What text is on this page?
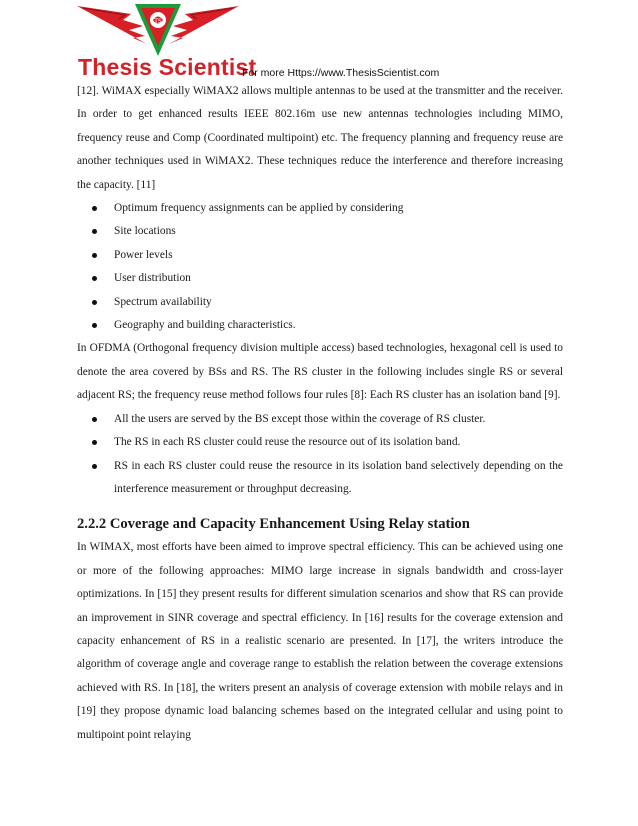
TS
Thesis Scientist
For more Https://www.ThesisScientist.com

[12]. WiMAX especially WiMAX2 allows multiple antennas to be used at the transmitter and the receiver. In order to get enhanced results IEEE 802.16m use new antennas technologies including MIMO, frequency reuse and Comp (Coordinated multipoint) etc. The frequency planning and frequency reuse are another techniques used in WiMAX2. These techniques reduce the interference and therefore increasing the capacity. [11]

Optimum frequency assignments can be applied by considering
Site locations
Power levels
User distribution
Spectrum availability
Geography and building characteristics.

In OFDMA (Orthogonal frequency division multiple access) based technologies, hexagonal cell is used to denote the area covered by BSs and RS. The RS cluster in the following includes single RS or several adjacent RS; the frequency reuse method follows four rules [8]: Each RS cluster has an isolation band [9].

All the users are served by the BS except those within the coverage of RS cluster.
The RS in each RS cluster could reuse the resource out of its isolation band.
RS in each RS cluster could reuse the resource in its isolation band selectively depending on the interference measurement or throughput decreasing.
2.2.2 Coverage and Capacity Enhancement Using Relay station

In WIMAX, most efforts have been aimed to improve spectral efficiency. This can be achieved using one or more of the following approaches: MIMO large increase in signals bandwidth and cross-layer optimizations. In [15] they present results for different simulation scenarios and show that RS can provide an improvement in SINR coverage and spectral efficiency. In [16] results for the coverage extension and capacity enhancement of RS in a realistic scenario are presented. In [17], the writers introduce the algorithm of coverage angle and coverage range to establish the relation between the coverage extensions achieved with RS. In [18], the writers present an analysis of coverage extension with mobile relays and in [19] they propose dynamic load balancing schemes based on the integrated cellular and using point to multipoint point relaying
